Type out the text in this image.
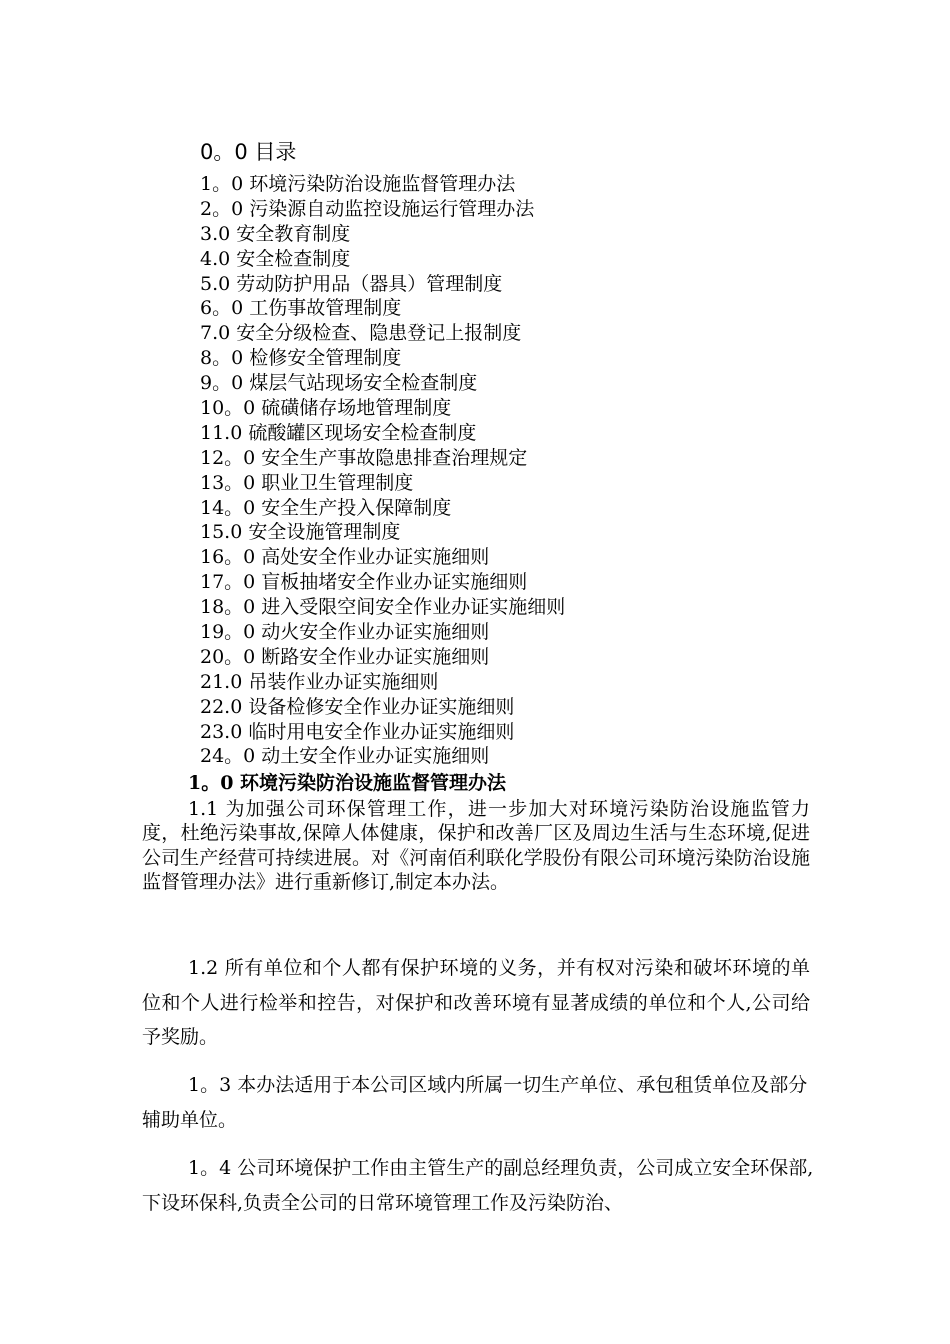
0。0 目录
1。0 环境污染防治设施监督管理办法
2。0 污染源自动监控设施运行管理办法
3.0 安全教育制度
4.0 安全检查制度
5.0 劳动防护用品（器具）管理制度
6。0 工伤事故管理制度
7.0 安全分级检查、隐患登记上报制度
8。0 检修安全管理制度
9。0 煤层气站现场安全检查制度
10。0 硫磺储存场地管理制度
11.0 硫酸罐区现场安全检查制度
12。0 安全生产事故隐患排查治理规定
13。0 职业卫生管理制度
14。0 安全生产投入保障制度
15.0 安全设施管理制度
16。0 高处安全作业办证实施细则
17。0 盲板抽堵安全作业办证实施细则
18。0 进入受限空间安全作业办证实施细则
19。0 动火安全作业办证实施细则
20。0 断路安全作业办证实施细则
21.0 吊装作业办证实施细则
22.0 设备检修安全作业办证实施细则
23.0 临时用电安全作业办证实施细则
24。0 动土安全作业办证实施细则
1。0 环境污染防治设施监督管理办法

1.1 为加强公司环保管理工作，进一步加大对环境污染防治设施监管力度，杜绝污染事故,保障人体健康，保护和改善厂区及周边生活与生态环境,促进公司生产经营可持续进展。对《河南佰利联化学股份有限公司环境污染防治设施监督管理办法》进行重新修订,制定本办法。

1.2 所有单位和个人都有保护环境的义务，并有权对污染和破坏环境的单位和个人进行检举和控告，对保护和改善环境有显著成绩的单位和个人,公司给予奖励。

1。3 本办法适用于本公司区域内所属一切生产单位、承包租赁单位及部分辅助单位。

1。4 公司环境保护工作由主管生产的副总经理负责，公司成立安全环保部,下设环保科,负责全公司的日常环境管理工作及污染防治、
